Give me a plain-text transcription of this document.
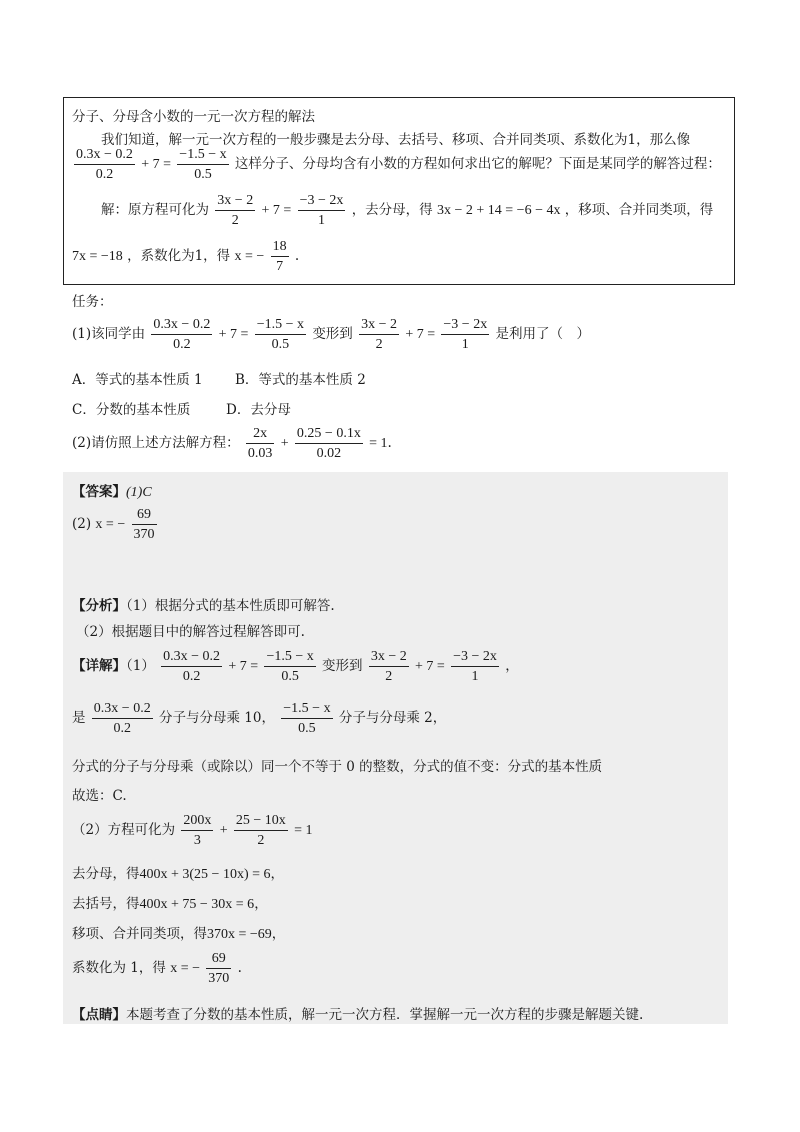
分子、分母含小数的一元一次方程的解法
我们知道，解一元一次方程的一般步骤是去分母、去括号、移项、合并同类项、系数化为1，那么像
$\frac{0.3x - 0.2}{0.2} + 7 = \frac{-1.5 - x}{0.5}$ 这样分子、分母均含有小数的方程如何求出它的解呢？下面是某同学的解答过程：
解：原方程可化为 $\frac{3x - 2}{2} + 7 = \frac{-3 - 2x}{1}$ ，去分母，得 3x − 2 + 14 = −6 − 4x ，移项、合并同类项，得
7x = −18 ，系数化为1，得 x = − $\frac{18}{7}$ .
任务：
(1)该同学由 $\frac{0.3x - 0.2}{0.2} + 7 = \frac{-1.5 - x}{0.5}$ 变形到 $\frac{3x - 2}{2} + 7 = \frac{-3 - 2x}{1}$ 是利用了（　）
A．等式的基本性质 1 B．等式的基本性质 2
C．分数的基本性质	D．去分母
(2)请仿照上述方法解方程： $\frac{2x}{0.03} + \frac{0.25 - 0.1x}{0.02} = 1$.
【答案】(1)C
(2) x = − $\frac{69}{370}$
【分析】（1）根据分式的基本性质即可解答.
（2）根据题目中的解答过程解答即可.
【详解】$(1) \frac{0.3x - 0.2}{0.2} + 7 = \frac{-1.5 - x}{0.5}$ 变形到 $\frac{3x - 2}{2} + 7 = \frac{-3 - 2x}{1}$ ，
是 $\frac{0.3x - 0.2}{0.2}$ 分子与分母乘 10， $\frac{-1.5 - x}{0.5}$ 分子与分母乘 2，
分式的分子与分母乘（或除以）同一个不等于 0 的整数，分式的值不变：分式的基本性质
故选：C.
（2）方程可化为 $\frac{200x}{3} + \frac{25 - 10x}{2} = 1$
去分母，得400x + 3(25 − 10x) = 6，
去括号，得400x + 75 − 30x = 6，
移项、合并同类项，得370x = −69，
系数化为 1，得 x = − $\frac{69}{370}$ .
【点睛】本题考查了分数的基本性质，解一元一次方程．掌握解一元一次方程的步骤是解题关键.
